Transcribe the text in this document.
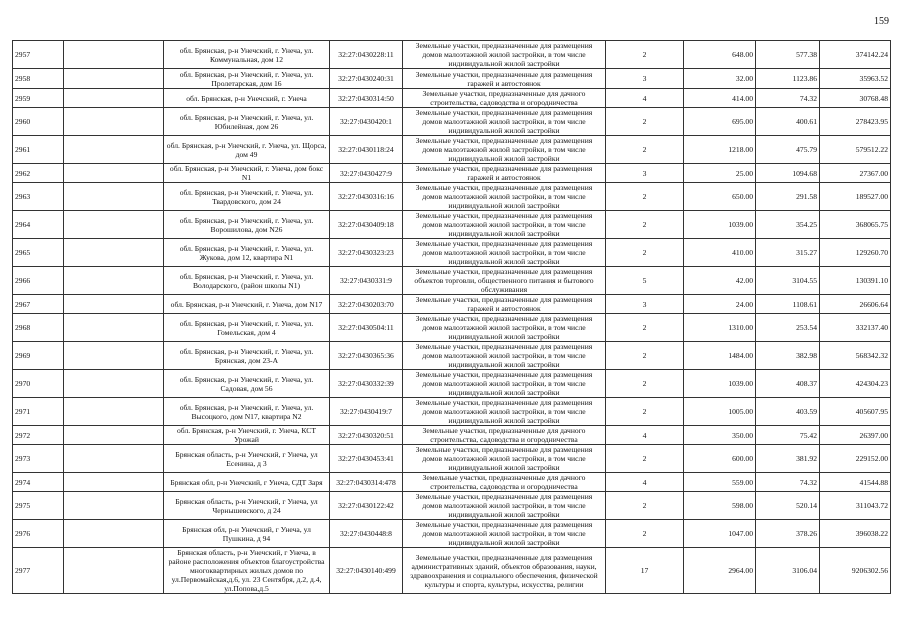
159
2957		обл. Брянская, р-н Унечский, г. Унеча, ул. Коммунальная, дом 12	32:27:0430228:11	Земельные участки, предназначенные для размещения домов малоэтажной жилой застройки, в том числе индивидуальной жилой застройки	2	648.00	577.38	374142.24
2958		обл. Брянская, р-н Унечский, г. Унеча, ул. Пролетарская, дом 16	32:27:0430240:31	Земельные участки, предназначенные для размещения гаражей и автостоянок	3	32.00	1123.86	35963.52
2959		обл. Брянская, р-н Унечский, г. Унеча	32:27:0430314:50	Земельные участки, предназначенные для дачного строительства, садоводства и огородничества	4	414.00	74.32	30768.48
2960		обл. Брянская, р-н Унечский, г. Унеча, ул. Юбилейная, дом 26	32:27:0430420:1	Земельные участки, предназначенные для размещения домов малоэтажной жилой застройки, в том числе индивидуальной жилой застройки	2	695.00	400.61	278423.95
2961		обл. Брянская, р-н Унечский, г. Унеча, ул. Щорса, дом 49	32:27:0430118:24	Земельные участки, предназначенные для размещения домов малоэтажной жилой застройки, в том числе индивидуальной жилой застройки	2	1218.00	475.79	579512.22
2962		обл. Брянская, р-н Унечский, г. Унеча, дом бокс N1	32:27:0430427:9	Земельные участки, предназначенные для размещения гаражей и автостоянок	3	25.00	1094.68	27367.00
2963		обл. Брянская, р-н Унечский, г. Унеча, ул. Твардовского, дом 24	32:27:0430316:16	Земельные участки, предназначенные для размещения домов малоэтажной жилой застройки, в том числе индивидуальной жилой застройки	2	650.00	291.58	189527.00
2964		обл. Брянская, р-н Унечский, г. Унеча, ул. Ворошилова, дом N26	32:27:0430409:18	Земельные участки, предназначенные для размещения домов малоэтажной жилой застройки, в том числе индивидуальной жилой застройки	2	1039.00	354.25	368065.75
2965		обл. Брянская, р-н Унечский, г. Унеча, ул. Жукова, дом 12, квартира N1	32:27:0430323:23	Земельные участки, предназначенные для размещения домов малоэтажной жилой застройки, в том числе индивидуальной жилой застройки	2	410.00	315.27	129260.70
2966		обл. Брянская, р-н Унечский, г. Унеча, ул. Володарского, (район школы N1)	32:27:0430331:9	Земельные участки, предназначенные для размещения объектов торговли, общественного питания и бытового обслуживания	5	42.00	3104.55	130391.10
2967		обл. Брянская, р-н Унечский, г. Унеча, дом N17	32:27:0430203:70	Земельные участки, предназначенные для размещения гаражей и автостоянок	3	24.00	1108.61	26606.64
2968		обл. Брянская, р-н Унечский, г. Унеча, ул. Гомельская, дом 4	32:27:0430504:11	Земельные участки, предназначенные для размещения домов малоэтажной жилой застройки, в том числе индивидуальной жилой застройки	2	1310.00	253.54	332137.40
2969		обл. Брянская, р-н Унечский, г. Унеча, ул. Брянская, дом 23-А	32:27:0430365:36	Земельные участки, предназначенные для размещения домов малоэтажной жилой застройки, в том числе индивидуальной жилой застройки	2	1484.00	382.98	568342.32
2970		обл. Брянская, р-н Унечский, г. Унеча, ул. Садовая, дом 56	32:27:0430332:39	Земельные участки, предназначенные для размещения домов малоэтажной жилой застройки, в том числе индивидуальной жилой застройки	2	1039.00	408.37	424304.23
2971		обл. Брянская, р-н Унечский, г. Унеча, ул. Высоцкого, дом N17, квартира N2	32:27:0430419:7	Земельные участки, предназначенные для размещения домов малоэтажной жилой застройки, в том числе индивидуальной жилой застройки	2	1005.00	403.59	405607.95
2972		обл. Брянская, р-н Унечский, г. Унеча, КСТ Урожай	32:27:0430320:51	Земельные участки, предназначенные для дачного строительства, садоводства и огородничества	4	350.00	75.42	26397.00
2973		Брянская область, р-н Унечский, г Унеча, ул Есенина, д 3	32:27:0430453:41	Земельные участки, предназначенные для размещения домов малоэтажной жилой застройки, в том числе индивидуальной жилой застройки	2	600.00	381.92	229152.00
2974		Брянская обл, р-н Унечский, г Унеча, СДТ Заря	32:27:0430314:478	Земельные участки, предназначенные для дачного строительства, садоводства и огородничества	4	559.00	74.32	41544.88
2975		Брянская область, р-н Унечский, г Унеча, ул Чернышевского, д 24	32:27:0430122:42	Земельные участки, предназначенные для размещения домов малоэтажной жилой застройки, в том числе индивидуальной жилой застройки	2	598.00	520.14	311043.72
2976		Брянская обл, р-н Унечский, г Унеча, ул Пушкина, д 94	32:27:0430448:8	Земельные участки, предназначенные для размещения домов малоэтажной жилой застройки, в том числе индивидуальной жилой застройки	2	1047.00	378.26	396038.22
2977		Брянская область, р-н Унечский, г Унеча, в районе расположения объектов благоустройства многоквартирных жилых домов по ул.Первомайская,д.6, ул. 23 Сентября, д.2, д.4, ул.Попова,д.5	32:27:0430140:499	Земельные участки, предназначенные для размещения административных зданий, объектов образования, науки, здравоохранения и социального обеспечения, физической культуры и спорта, культуры, искусства, религии	17	2964.00	3106.04	9206302.56
